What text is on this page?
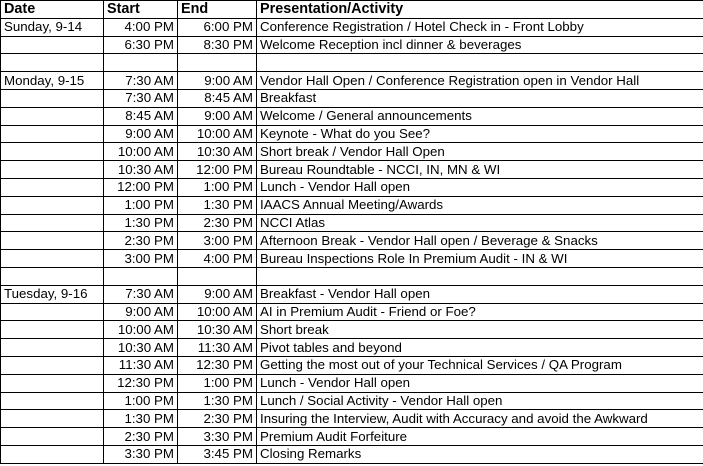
Date	Start	End	Presentation/Activity
Sunday, 9-14	4:00 PM	6:00 PM	Conference Registration / Hotel Check in - Front Lobby
	6:30 PM	8:30 PM	Welcome Reception incl dinner & beverages

Monday, 9-15	7:30 AM	9:00 AM	Vendor Hall Open / Conference Registration open in Vendor Hall
	7:30 AM	8:45 AM	Breakfast
	8:45 AM	9:00 AM	Welcome / General announcements
	9:00 AM	10:00 AM	Keynote - What do you See?
	10:00 AM	10:30 AM	Short break / Vendor Hall Open
	10:30 AM	12:00 PM	Bureau Roundtable - NCCI, IN, MN & WI
	12:00 PM	1:00 PM	Lunch - Vendor Hall open
	1:00 PM	1:30 PM	IAACS Annual Meeting/Awards
	1:30 PM	2:30 PM	NCCI Atlas
	2:30 PM	3:00 PM	Afternoon Break - Vendor Hall open / Beverage & Snacks
	3:00 PM	4:00 PM	Bureau Inspections Role In Premium Audit - IN & WI

Tuesday, 9-16	7:30 AM	9:00 AM	Breakfast - Vendor Hall open
	9:00 AM	10:00 AM	AI in Premium Audit - Friend or Foe?
	10:00 AM	10:30 AM	Short break
	10:30 AM	11:30 AM	Pivot tables and beyond
	11:30 AM	12:30 PM	Getting the most out of your Technical Services / QA Program
	12:30 PM	1:00 PM	Lunch - Vendor Hall open
	1:00 PM	1:30 PM	Lunch / Social Activity - Vendor Hall open
	1:30 PM	2:30 PM	Insuring the Interview, Audit with Accuracy and avoid the Awkward
	2:30 PM	3:30 PM	Premium Audit Forfeiture
	3:30 PM	3:45 PM	Closing Remarks
